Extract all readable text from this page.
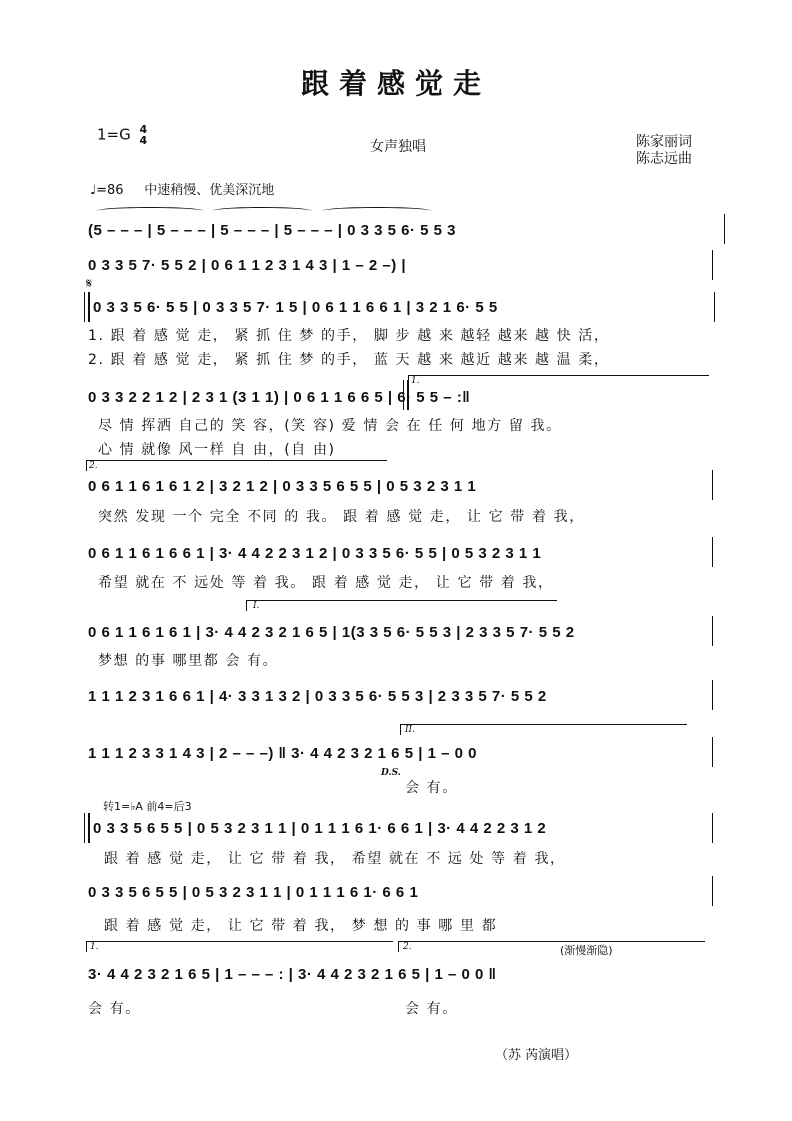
跟着感觉走
1=G 4
4	女声独唱	陈家丽词
陈志远曲
♩=86 中速稍慢、优美深沉地
(5 – – – | 5 – – – | 5 – – – | 5 – – – | 0 3 3 5 6· 5 5 3
0 3 3 5 7· 5 5 2 | 0 6 1 1 2 3 1 4 3 | 1 – 2 –) |
𝄋
0 3 3 5 6· 5 5 | 0 3 3 5 7· 1 5 | 0 6 1 1 6 6 1 | 3 2 1 6· 5 5
1. 跟 着 感 觉 走， 紧 抓 住 梦 的手， 脚 步 越 来 越轻 越来 越 快 活，
2. 跟 着 感 觉 走， 紧 抓 住 梦 的手， 蓝 天 越 来 越近 越来 越 温 柔，
0 3 3 2 2 1 2 | 2 3 1 (3 1 1) | 0 6 1 1 6 6 5 | 6· 5 5 – :‖
1.
尽 情 挥洒 自己的 笑 容，(笑 容) 爱 情 会 在 任 何 地方 留 我。
心 情 就像 风一样 自 由，(自 由)
2.
0 6 1 1 6 1 6 1 2 | 3 2 1 2 | 0 3 3 5 6 5 5 | 0 5 3 2 3 1 1
突然 发现 一个 完全 不同 的 我。 跟 着 感 觉 走， 让 它 带 着 我，
0 6 1 1 6 1 6 6 1 | 3· 4 4 2 2 3 1 2 | 0 3 3 5 6· 5 5 | 0 5 3 2 3 1 1
希望 就在 不 远处 等 着 我。 跟 着 感 觉 走， 让 它 带 着 我，
I.
0 6 1 1 6 1 6 1 | 3· 4 4 2 3 2 1 6 5 | 1(3 3 5 6· 5 5 3 | 2 3 3 5 7· 5 5 2
梦想 的事 哪里都 会 有。
1 1 1 2 3 1 6 6 1 | 4· 3 3 1 3 2 | 0 3 3 5 6· 5 5 3 | 2 3 3 5 7· 5 5 2
II.
1 1 1 2 3 3 1 4 3 | 2 – – –) ‖ 3· 4 4 2 3 2 1 6 5 | 1 – 0 0
D.S.
会 有。
转1=♭A 前4=后3
0 3 3 5 6 5 5 | 0 5 3 2 3 1 1 | 0 1 1 1 6 1· 6 6 1 | 3· 4 4 2 2 3 1 2
跟 着 感 觉 走， 让 它 带 着 我， 希望 就在 不 远 处 等 着 我，
0 3 3 5 6 5 5 | 0 5 3 2 3 1 1 | 0 1 1 1 6 1· 6 6 1
跟 着 感 觉 走， 让 它 带 着 我， 梦 想 的 事 哪 里 都
1.	2.	(渐慢渐隐)
3· 4 4 2 3 2 1 6 5 | 1 – – – : | 3· 4 4 2 3 2 1 6 5 | 1 – 0 0 ‖
会 有。	会 有。
（苏 芮演唱）
